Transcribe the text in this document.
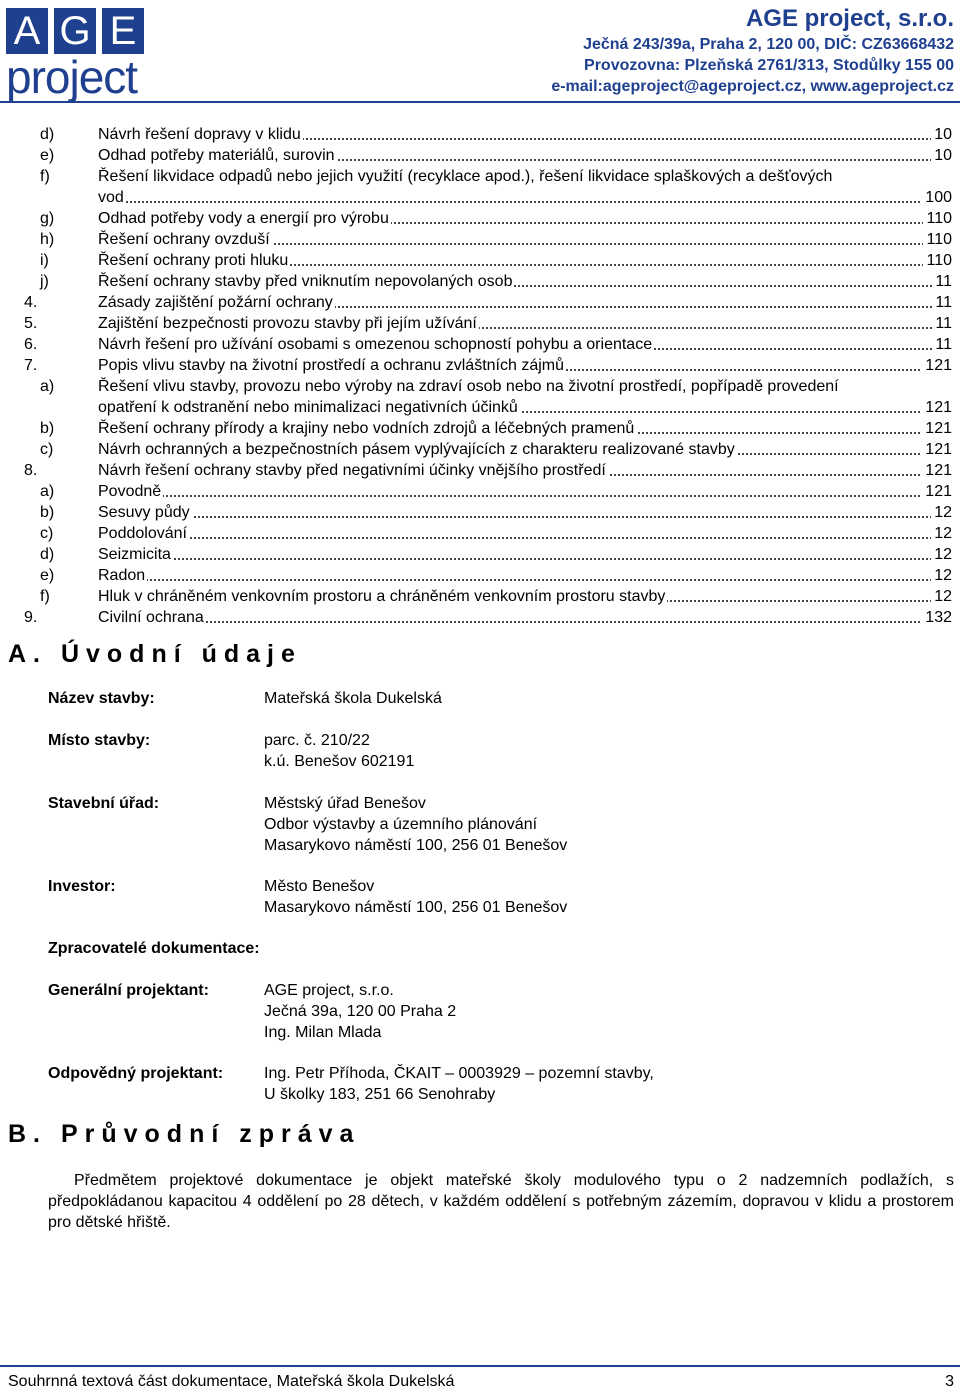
A G E
project
AGE project, s.r.o.
Ječná 243/39a, Praha 2, 120 00, DIČ: CZ63668432
Provozovna: Plzeňská 2761/313, Stodůlky 155 00
e-mail:ageproject@ageproject.cz, www.ageproject.cz
d)	Návrh řešení dopravy v klidu	10
e)	Odhad potřeby materiálů, surovin	10
f)	Řešení likvidace odpadů nebo jejich využití (recyklace apod.), řešení likvidace splaškových a dešťových
vod	100
g)	Odhad potřeby vody a energií pro výrobu	110
h)	Řešení ochrany ovzduší	110
i)	Řešení ochrany proti hluku	110
j)	Řešení ochrany stavby před vniknutím nepovolaných osob	11
4.	Zásady zajištění požární ochrany	11
5.	Zajištění bezpečnosti provozu stavby při jejím užívání	11
6.	Návrh řešení pro užívání osobami s omezenou schopností pohybu a orientace	11
7.	Popis vlivu stavby na životní prostředí a ochranu zvláštních zájmů	121
a)	Řešení vlivu stavby, provozu nebo výroby na zdraví osob nebo na životní prostředí, popřípadě provedení
opatření k odstranění nebo minimalizaci negativních účinků	121
b)	Řešení ochrany přírody a krajiny nebo vodních zdrojů a léčebných pramenů	121
c)	Návrh ochranných a bezpečnostních pásem vyplývajících z charakteru realizované stavby	121
8.	Návrh řešení ochrany stavby před negativními účinky vnějšího prostředí	121
a)	Povodně	121
b)	Sesuvy půdy	12
c)	Poddolování	12
d)	Seizmicita	12
e)	Radon	12
f)	Hluk v chráněném venkovním prostoru a chráněném venkovním prostoru stavby	12
9.	Civilní ochrana	132
A. Úvodní údaje
Název stavby:	Mateřská škola Dukelská
Místo stavby:	parc. č. 210/22
k.ú. Benešov 602191
Stavební úřad:	Městský úřad Benešov
Odbor výstavby a územního plánování
Masarykovo náměstí 100, 256 01 Benešov
Investor:	Město Benešov
Masarykovo náměstí 100, 256 01 Benešov
Zpracovatelé dokumentace:
Generální projektant:	AGE project, s.r.o.
Ječná 39a, 120 00 Praha 2
Ing. Milan Mlada
Odpovědný projektant:	Ing. Petr Příhoda, ČKAIT – 0003929 – pozemní stavby,
U školky 183, 251 66 Senohraby
B. Průvodní zpráva
Předmětem projektové dokumentace je objekt mateřské školy modulového typu o 2 nadzemních podlažích, s předpokládanou kapacitou 4 oddělení po 28 dětech, v každém oddělení s potřebným zázemím, dopravou v klidu a prostorem pro dětské hřiště.
Souhrnná textová část dokumentace, Mateřská škola Dukelská	3
